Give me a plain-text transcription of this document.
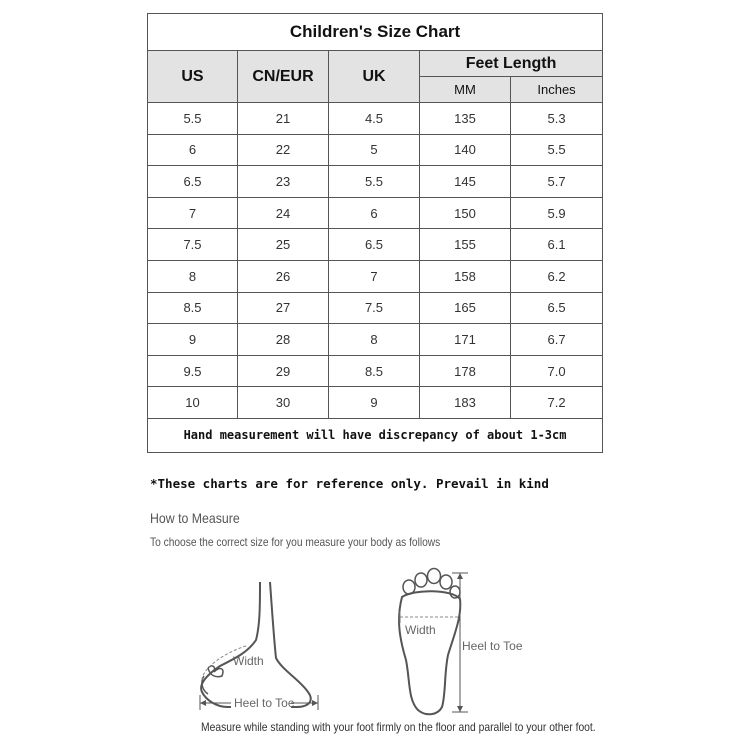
Children's Size Chart				
US	CN/EUR	UK	Feet Length	
			MM	Inches
5.5	21	4.5	135	5.3
6	22	5	140	5.5
6.5	23	5.5	145	5.7
7	24	6	150	5.9
7.5	25	6.5	155	6.1
8	26	7	158	6.2
8.5	27	7.5	165	6.5
9	28	8	171	6.7
9.5	29	8.5	178	7.0
10	30	9	183	7.2
Hand measurement will have discrepancy of about 1-3cm				
*These charts are for reference only. Prevail in kind
How to Measure
To choose the correct size for you measure your body as follows
Width
Heel to Toe
Width
Heel to Toe
Measure while standing with your foot firmly on the floor and parallel to your other foot.
